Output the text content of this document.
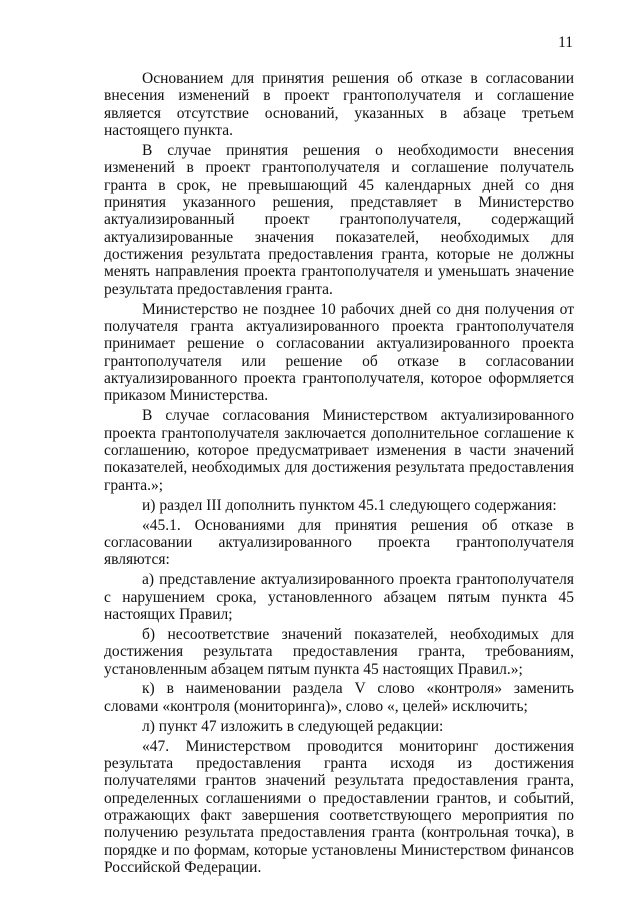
11

Основанием для принятия решения об отказе в согласовании внесения изменений в проект грантополучателя и соглашение является отсутствие оснований, указанных в абзаце третьем настоящего пункта.

В случае принятия решения о необходимости внесения изменений в проект грантополучателя и соглашение получатель гранта в срок, не превышающий 45 календарных дней со дня принятия указанного решения, представляет в Министерство актуализированный проект грантополучателя, содержащий актуализированные значения показателей, необходимых для достижения результата предоставления гранта, которые не должны менять направления проекта грантополучателя и уменьшать значение результата предоставления гранта.

Министерство не позднее 10 рабочих дней со дня получения от получателя гранта актуализированного проекта грантополучателя принимает решение о согласовании актуализированного проекта грантополучателя или решение об отказе в согласовании актуализированного проекта грантополучателя, которое оформляется приказом Министерства.

В случае согласования Министерством актуализированного проекта грантополучателя заключается дополнительное соглашение к соглашению, которое предусматривает изменения в части значений показателей, необходимых для достижения результата предоставления гранта.»;

и) раздел III дополнить пунктом 45.1 следующего содержания:

«45.1. Основаниями для принятия решения об отказе в согласовании актуализированного проекта грантополучателя являются:

а) представление актуализированного проекта грантополучателя с нарушением срока, установленного абзацем пятым пункта 45 настоящих Правил;

б) несоответствие значений показателей, необходимых для достижения результата предоставления гранта, требованиям, установленным абзацем пятым пункта 45 настоящих Правил.»;

к) в наименовании раздела V слово «контроля» заменить словами «контроля (мониторинга)», слово «, целей» исключить;

л) пункт 47 изложить в следующей редакции:

«47. Министерством проводится мониторинг достижения результата предоставления гранта исходя из достижения получателями грантов значений результата предоставления гранта, определенных соглашениями о предоставлении грантов, и событий, отражающих факт завершения соответствующего мероприятия по получению результата предоставления гранта (контрольная точка), в порядке и по формам, которые установлены Министерством финансов Российской Федерации.
